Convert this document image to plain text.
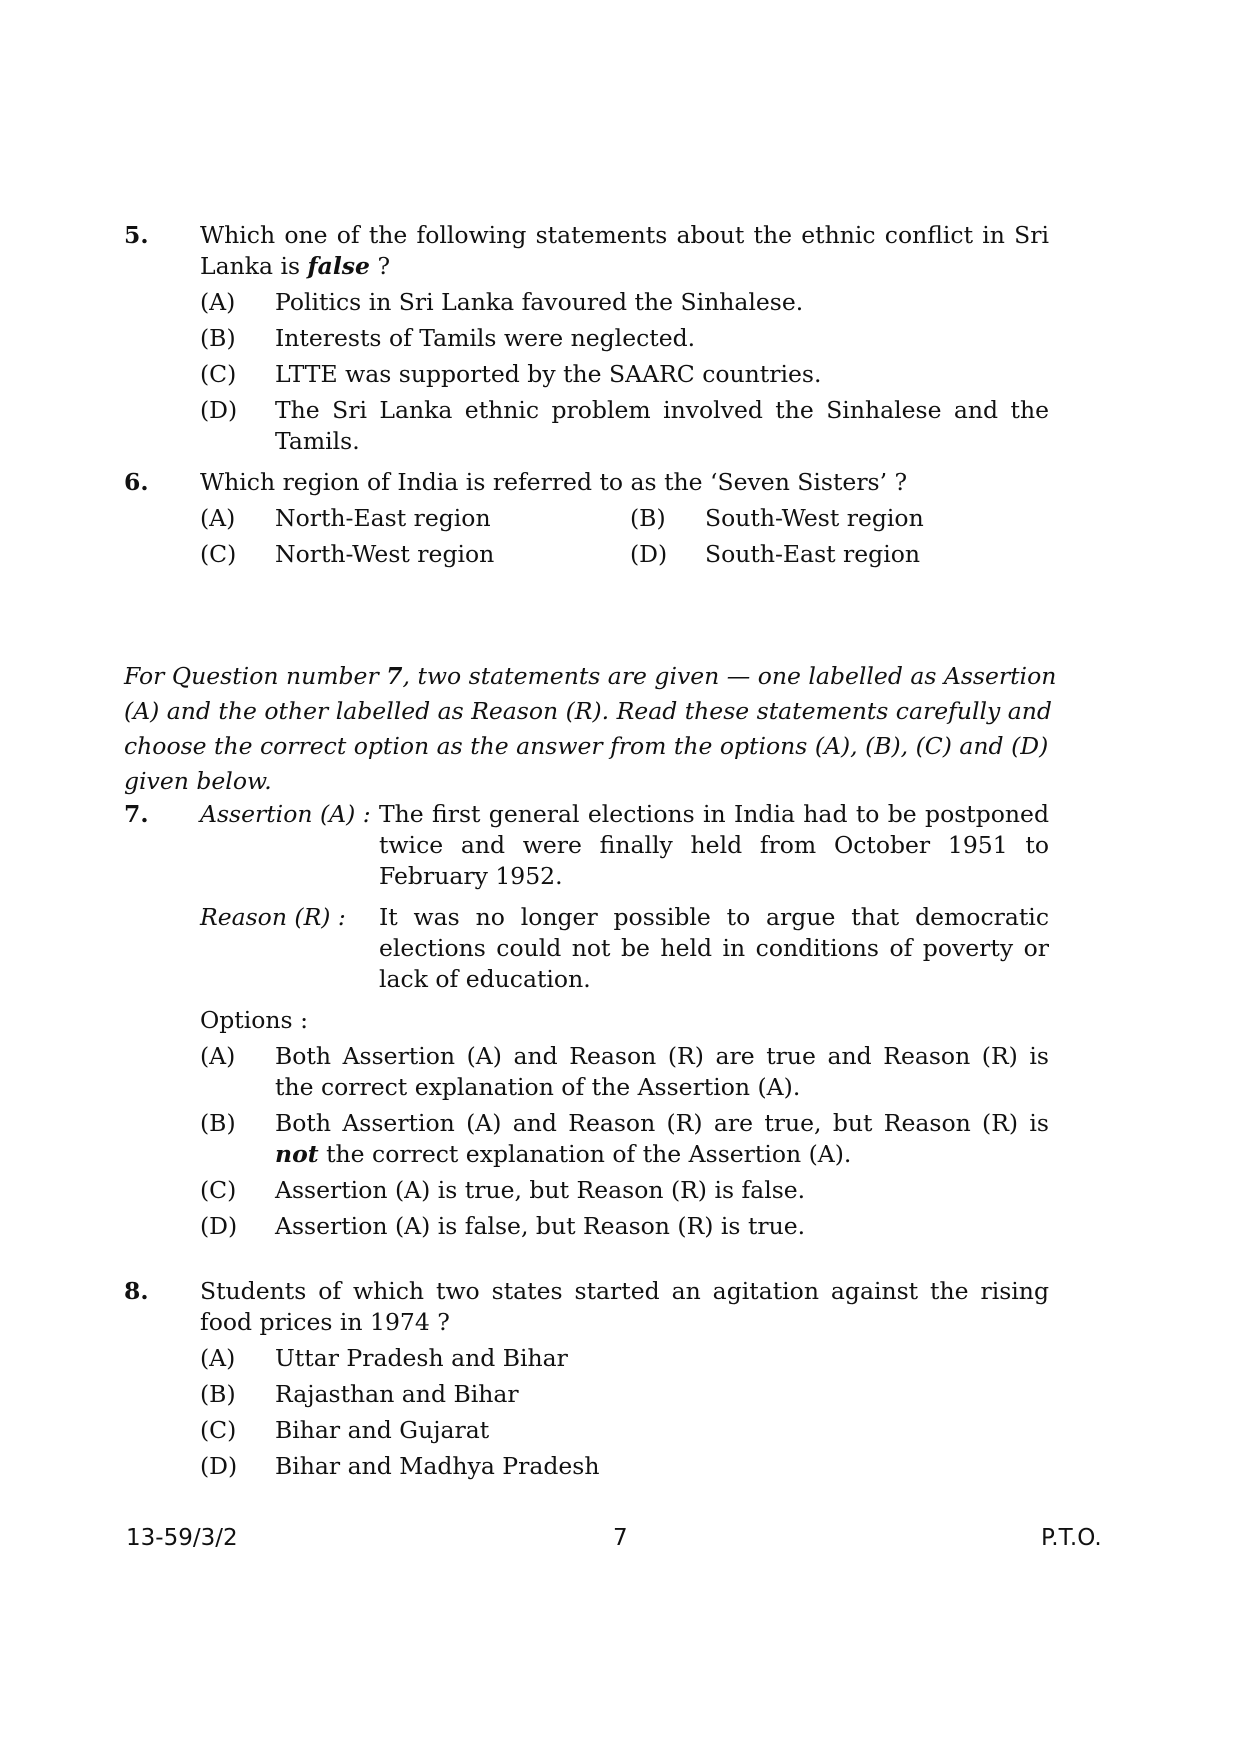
5. Which one of the following statements about the ethnic conflict in Sri Lanka is false ?
(A) Politics in Sri Lanka favoured the Sinhalese.
(B) Interests of Tamils were neglected.
(C) LTTE was supported by the SAARC countries.
(D) The Sri Lanka ethnic problem involved the Sinhalese and the Tamils.
6. Which region of India is referred to as the ‘Seven Sisters’ ?
(A) North-East region	(B) South-West region
(C) North-West region	(D) South-East region
For Question number 7, two statements are given — one labelled as Assertion (A) and the other labelled as Reason (R). Read these statements carefully and choose the correct option as the answer from the options (A), (B), (C) and (D) given below.
7. Assertion (A) : The first general elections in India had to be postponed twice and were finally held from October 1951 to February 1952.
Reason (R) : It was no longer possible to argue that democratic elections could not be held in conditions of poverty or lack of education.
Options :
(A) Both Assertion (A) and Reason (R) are true and Reason (R) is the correct explanation of the Assertion (A).
(B) Both Assertion (A) and Reason (R) are true, but Reason (R) is not the correct explanation of the Assertion (A).
(C) Assertion (A) is true, but Reason (R) is false.
(D) Assertion (A) is false, but Reason (R) is true.
8. Students of which two states started an agitation against the rising food prices in 1974 ?
(A) Uttar Pradesh and Bihar
(B) Rajasthan and Bihar
(C) Bihar and Gujarat
(D) Bihar and Madhya Pradesh
13-59/3/2	7	P.T.O.
